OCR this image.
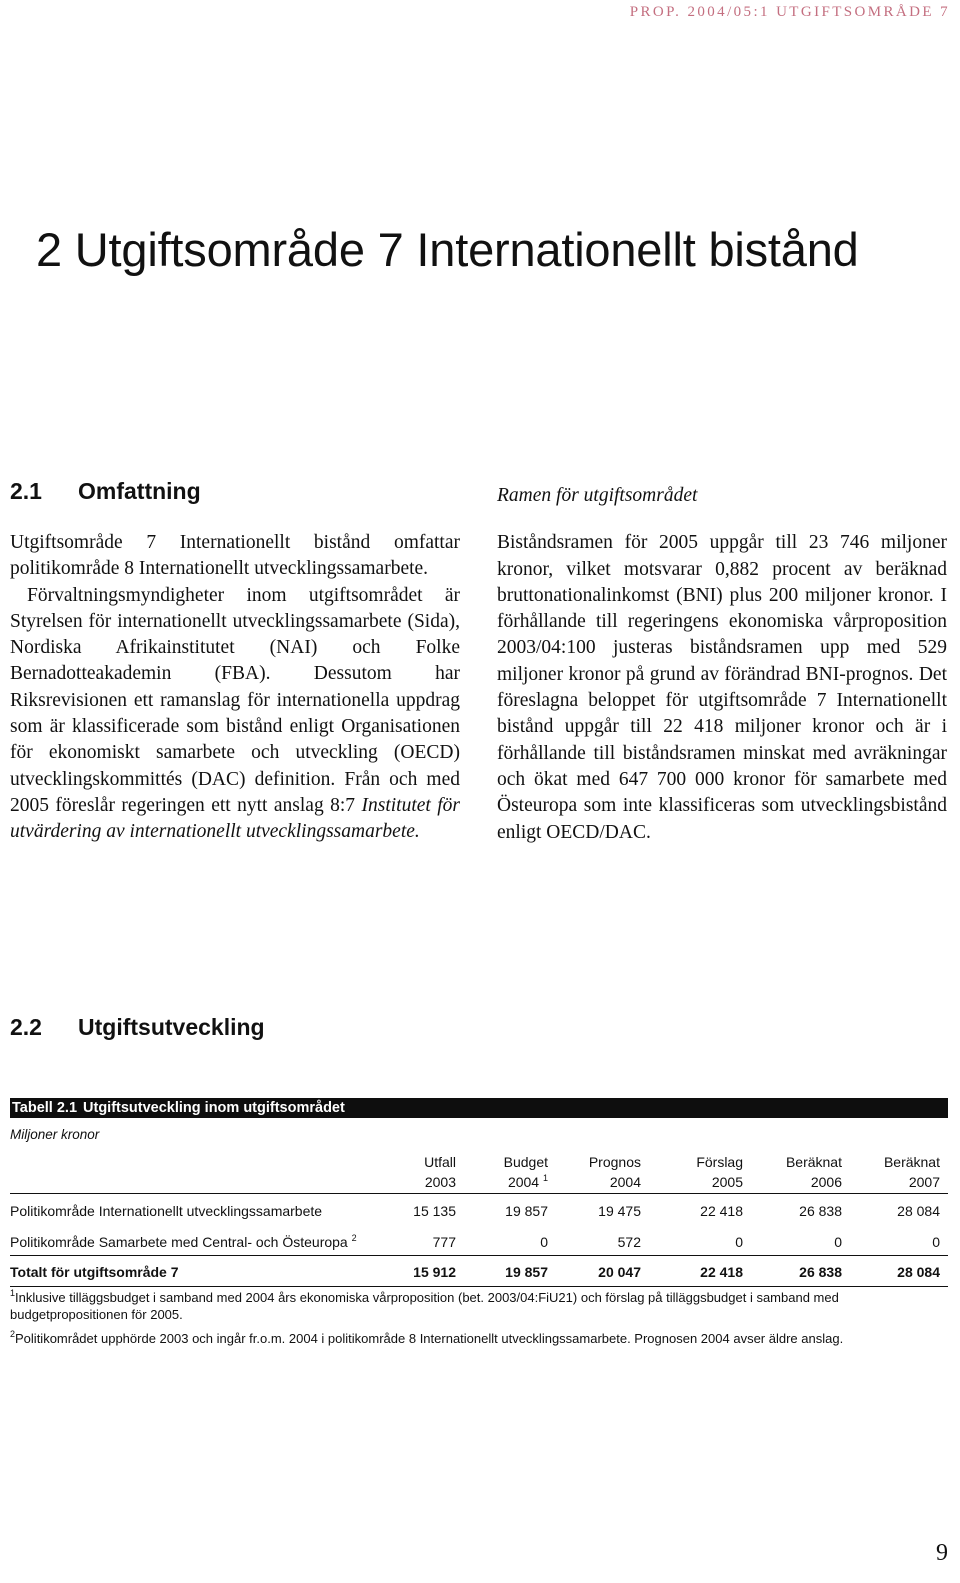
PROP. 2004/05:1 UTGIFTSOMRÅDE 7
2 Utgiftsområde 7 Internationellt bistånd
2.1 Omfattning

Utgiftsområde 7 Internationellt bistånd omfattar politikområde 8 Internationellt utvecklingssamarbete.

Förvaltningsmyndigheter inom utgiftsområdet är Styrelsen för internationellt utvecklingssamarbete (Sida), Nordiska Afrikainstitutet (NAI) och Folke Bernadotteakademin (FBA). Dessutom har Riksrevisionen ett ramanslag för internationella uppdrag som är klassificerade som bistånd enligt Organisationen för ekonomiskt samarbete och utveckling (OECD) utvecklingskommittés (DAC) definition. Från och med 2005 föreslår regeringen ett nytt anslag 8:7 Institutet för utvärdering av internationellt utvecklingssamarbete.

Ramen för utgiftsområdet

Biståndsramen för 2005 uppgår till 23 746 miljoner kronor, vilket motsvarar 0,882 procent av beräknad bruttonationalinkomst (BNI) plus 200 miljoner kronor. I förhållande till regeringens ekonomiska vårproposition 2003/04:100 justeras biståndsramen upp med 529 miljoner kronor på grund av förändrad BNI-prognos. Det föreslagna beloppet för utgiftsområde 7 Internationellt bistånd uppgår till 22 418 miljoner kronor och är i förhållande till biståndsramen minskat med avräkningar och ökat med 647 700 000 kronor för samarbete med Östeuropa som inte klassificeras som utvecklingsbistånd enligt OECD/DAC.

2.2 Utgiftsutveckling
Tabell 2.1 Utgiftsutveckling inom utgiftsområdet
Miljoner kronor
Utfall	Budget	Prognos	Förslag	Beräknat	Beräknat
2003	2004 $^1$	2004	2005	2006	2007
Politikområde Internationellt utvecklingssamarbete	15 135	19 857	19 475	22 418	26 838	28 084
Politikområde Samarbete med Central- och Östeuropa $^2$	777	0	572	0	0	0
Totalt för utgiftsområde 7	15 912	19 857	20 047	22 418	26 838	28 084
$^1$Inklusive tilläggsbudget i samband med 2004 års ekonomiska vårproposition (bet. 2003/04:FiU21) och förslag på tilläggsbudget i samband med budgetpropositionen för 2005.
$^2$Politikområdet upphörde 2003 och ingår fr.o.m. 2004 i politikområde 8 Internationellt utvecklingssamarbete. Prognosen 2004 avser äldre anslag.
9
